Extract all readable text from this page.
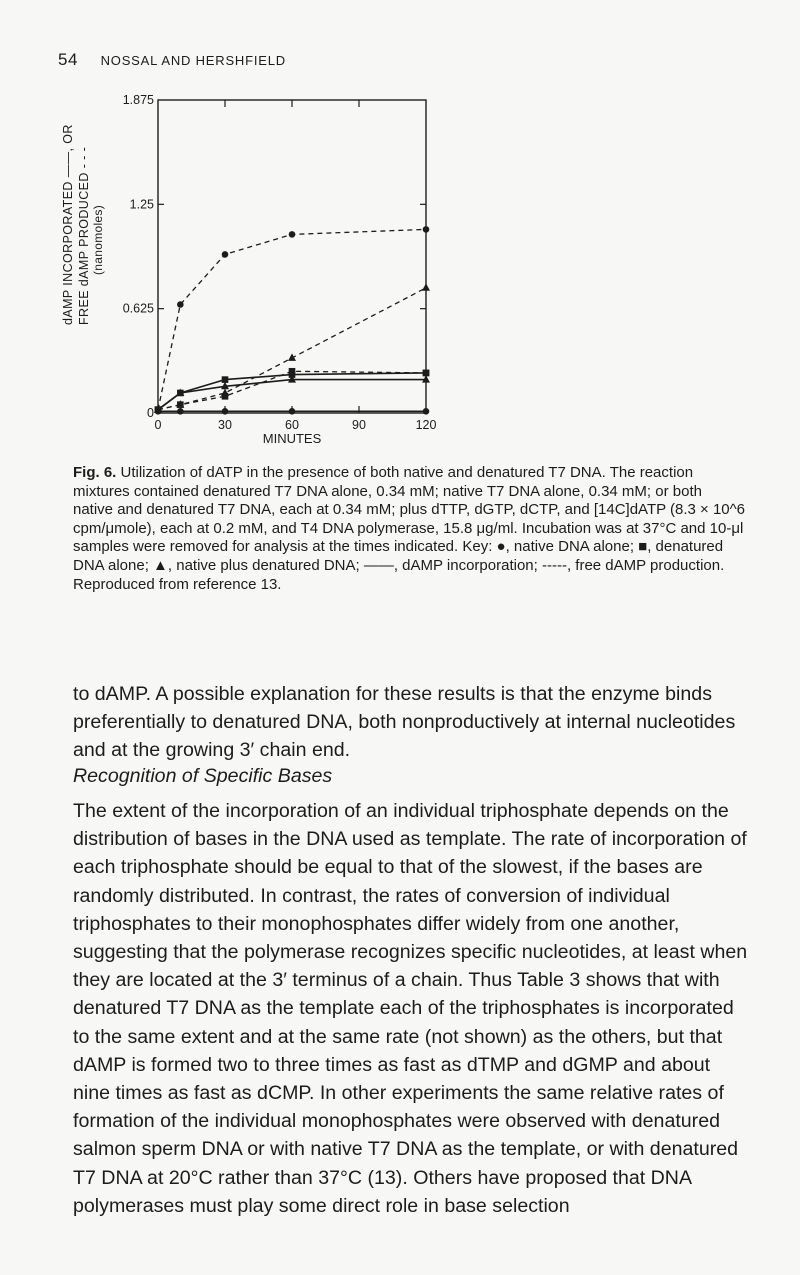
54 NOSSAL AND HERSHFIELD
dAMP INCORPORATED ——, OR FREE dAMP PRODUCED - - - (nanomoles)
0	30	60	90	120
0
0.625
1.25
1.875
MINUTES

Fig. 6. Utilization of dATP in the presence of both native and denatured T7 DNA. The reaction mixtures contained denatured T7 DNA alone, 0.34 mM; native T7 DNA alone, 0.34 mM; or both native and denatured T7 DNA, each at 0.34 mM; plus dTTP, dGTP, dCTP, and [14C]dATP (8.3 × 10^6 cpm/μmole), each at 0.2 mM, and T4 DNA polymerase, 15.8 μg/ml. Incubation was at 37°C and 10-μl samples were removed for analysis at the times indicated. Key: ●, native DNA alone; ■, denatured DNA alone; ▲, native plus denatured DNA; ——, dAMP incorporation; -----, free dAMP production. Reproduced from reference 13.

to dAMP. A possible explanation for these results is that the enzyme binds preferentially to denatured DNA, both nonproductively at internal nucleotides and at the growing 3′ chain end.

Recognition of Specific Bases

The extent of the incorporation of an individual triphosphate depends on the distribution of bases in the DNA used as template. The rate of incorporation of each triphosphate should be equal to that of the slowest, if the bases are randomly distributed. In contrast, the rates of conversion of individual triphosphates to their monophosphates differ widely from one another, suggesting that the polymerase recognizes specific nucleotides, at least when they are located at the 3′ terminus of a chain. Thus Table 3 shows that with denatured T7 DNA as the template each of the triphosphates is incorporated to the same extent and at the same rate (not shown) as the others, but that dAMP is formed two to three times as fast as dTMP and dGMP and about nine times as fast as dCMP. In other experiments the same relative rates of formation of the individual monophosphates were observed with denatured salmon sperm DNA or with native T7 DNA as the template, or with denatured T7 DNA at 20°C rather than 37°C (13). Others have proposed that DNA polymerases must play some direct role in base selection
